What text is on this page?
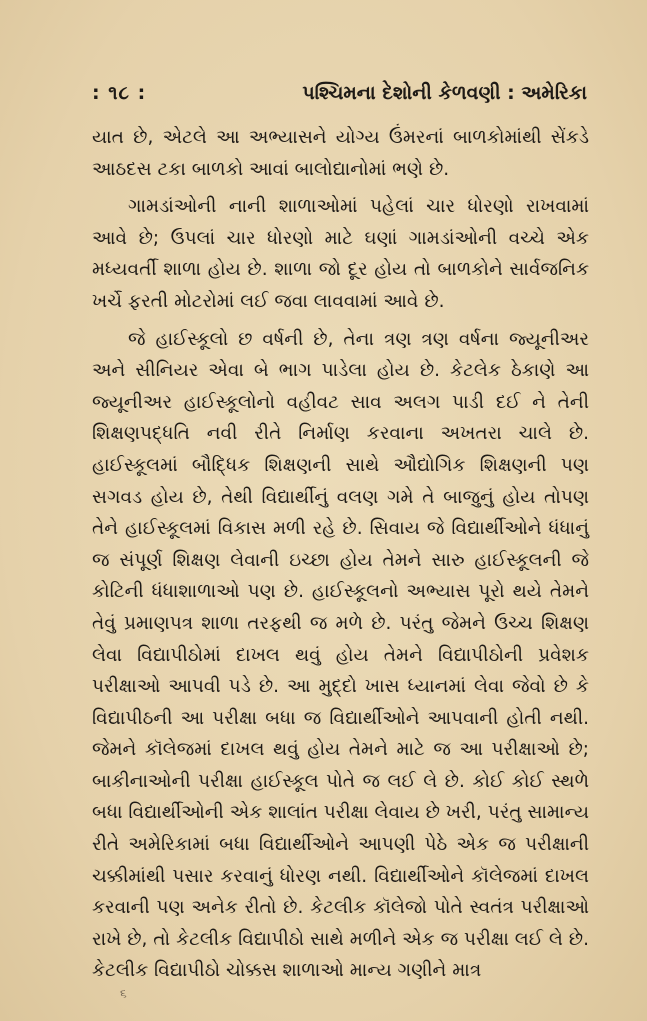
: ૧૮ :	પશ્ચિમના દેશોની કેળવણી : અમેરિકા

યાત છે, એટલે આ અભ્યાસને યોગ્ય ઉંમરનાં બાળકોમાંથી સેંકડે આઠદસ ટકા બાળકો આવાં બાલોદ્યાનોમાં ભણે છે.

ગામડાંઓની નાની શાળાઓમાં પહેલાં ચાર ધોરણો રાખવામાં આવે છે; ઉપલાં ચાર ધોરણો માટે ઘણાં ગામડાંઓની વચ્ચે એક મધ્યવર્તી શાળા હોય છે. શાળા જો દૂર હોય તો બાળકોને સાર્વજનિક ખર્ચે ફરતી મોટરોમાં લઈ જવા લાવવામાં આવે છે.

જે હાઈસ્કૂલો છ વર્ષની છે, તેના ત્રણ ત્રણ વર્ષના જ્યૂનીઅર અને સીનિયર એવા બે ભાગ પાડેલા હોય છે. કેટલેક ઠેકાણે આ જ્યૂનીઅર હાઈસ્કૂલોનો વહીવટ સાવ અલગ પાડી દઈ ને તેની શિક્ષણપદ્ધતિ નવી રીતે નિર્માણ કરવાના અખતરા ચાલે છે. હાઈસ્કૂલમાં બૌદ્ધિક શિક્ષણની સાથે ઔદ્યોગિક શિક્ષણની પણ સગવડ હોય છે, તેથી વિદ્યાર્થીનું વલણ ગમે તે બાજુનું હોય તોપણ તેને હાઈસ્કૂલમાં વિકાસ મળી રહે છે. સિવાય જે વિદ્યાર્થીઓને ધંધાનું જ સંપૂર્ણ શિક્ષણ લેવાની ઇચ્છા હોય તેમને સારુ હાઈસ્કૂલની જે કોટિની ધંધાશાળાઓ પણ છે. હાઈસ્કૂલનો અભ્યાસ પૂરો થયે તેમને તેવું પ્રમાણપત્ર શાળા તરફથી જ મળે છે. પરંતુ જેમને ઉચ્ચ શિક્ષણ લેવા વિદ્યાપીઠોમાં દાખલ થવું હોય તેમને વિદ્યાપીઠોની પ્રવેશક પરીક્ષાઓ આપવી પડે છે. આ મુદ્દો ખાસ ધ્યાનમાં લેવા જેવો છે કે વિદ્યાપીઠની આ પરીક્ષા બધા જ વિદ્યાર્થીઓને આપવાની હોતી નથી. જેમને કૉલેજમાં દાખલ થવું હોય તેમને માટે જ આ પરીક્ષાઓ છે; બાકીનાઓની પરીક્ષા હાઈસ્કૂલ પોતે જ લઈ લે છે. કોઈ કોઈ સ્થળે બધા વિદ્યાર્થીઓની એક શાલાંત પરીક્ષા લેવાય છે ખરી, પરંતુ સામાન્ય રીતે અમેરિકામાં બધા વિદ્યાર્થીઓને આપણી પેઠે એક જ પરીક્ષાની ચક્કીમાંથી પસાર કરવાનું ધોરણ નથી. વિદ્યાર્થીઓને કૉલેજમાં દાખલ કરવાની પણ અનેક રીતો છે. કેટલીક કૉલેજો પોતે સ્વતંત્ર પરીક્ષાઓ રાખે છે, તો કેટલીક વિદ્યાપીઠો સાથે મળીને એક જ પરીક્ષા લઈ લે છે. કેટલીક વિદ્યાપીઠો ચોક્કસ શાળાઓ માન્ય ગણીને માત્ર

૬
